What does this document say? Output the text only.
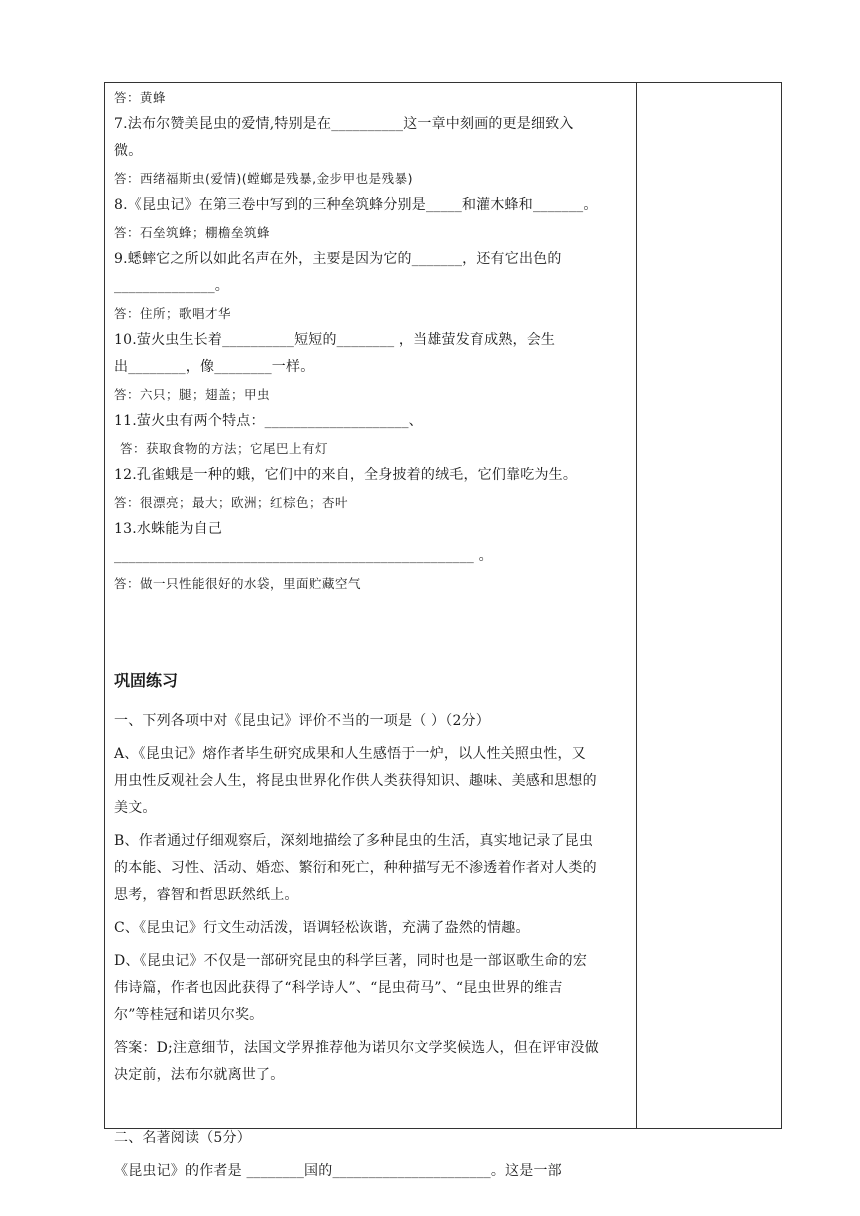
答：黄蜂

7.法布尔赞美昆虫的爱情,特别是在__________这一章中刻画的更是细致入

微。

答：西绪福斯虫(爱情)(螳螂是残暴,金步甲也是残暴)

8.《昆虫记》在第三卷中写到的三种垒筑蜂分别是_____和灌木蜂和_______。

答：石垒筑蜂；棚檐垒筑蜂

9.蟋蟀它之所以如此名声在外，主要是因为它的_______，还有它出色的

______________。

答：住所；歌唱才华

10.萤火虫生长着__________短短的________ ，当雄萤发育成熟，会生

出________，像________一样。

答：六只；腿；翅盖；甲虫

11.萤火虫有两个特点：____________________、

答：获取食物的方法；它尾巴上有灯

12.孔雀蛾是一种的蛾，它们中的来自，全身披着的绒毛，它们靠吃为生。

答：很漂亮；最大；欧洲；红棕色；杏叶

13.水蛛能为自己

__________________________________________________ 。

答：做一只性能很好的水袋，里面贮藏空气

巩固练习

一、下列各项中对《昆虫记》评价不当的一项是（ ）（2分）

A、《昆虫记》熔作者毕生研究成果和人生感悟于一炉，以人性关照虫性，又

用虫性反观社会人生，将昆虫世界化作供人类获得知识、趣味、美感和思想的

美文。

B、作者通过仔细观察后，深刻地描绘了多种昆虫的生活，真实地记录了昆虫

的本能、习性、活动、婚恋、繁衍和死亡，种种描写无不渗透着作者对人类的

思考，睿智和哲思跃然纸上。

C、《昆虫记》行文生动活泼，语调轻松诙谐，充满了盎然的情趣。

D、《昆虫记》不仅是一部研究昆虫的科学巨著，同时也是一部讴歌生命的宏

伟诗篇，作者也因此获得了“科学诗人”、“昆虫荷马”、“昆虫世界的维吉

尔”等桂冠和诺贝尔奖。

答案：D;注意细节，法国文学界推荐他为诺贝尔文学奖候选人，但在评审没做

决定前，法布尔就离世了。

二、名著阅读（5分）

《昆虫记》的作者是 ________国的______________________。这是一部
